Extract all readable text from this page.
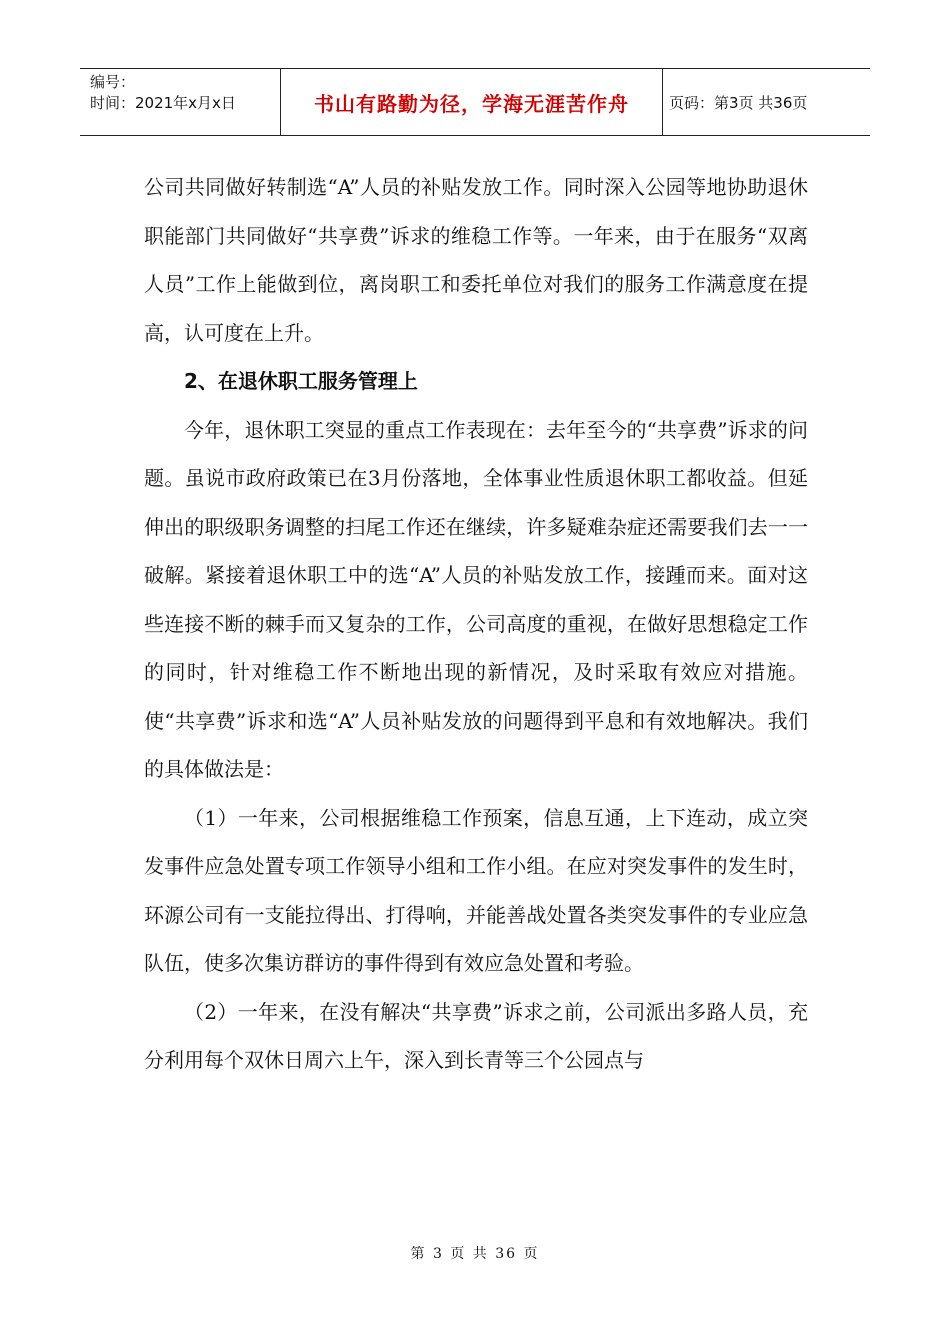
编号：
时间：2021年x月x日	书山有路勤为径，学海无涯苦作舟	页码：第3页 共36页

公司共同做好转制选“A”人员的补贴发放工作。同时深入公园等地协助退休职能部门共同做好“共享费”诉求的维稳工作等。一年来，由于在服务“双离人员”工作上能做到位，离岗职工和委托单位对我们的服务工作满意度在提高，认可度在上升。

2、在退休职工服务管理上

今年，退休职工突显的重点工作表现在：去年至今的“共享费”诉求的问题。虽说市政府政策已在3月份落地，全体事业性质退休职工都收益。但延伸出的职级职务调整的扫尾工作还在继续，许多疑难杂症还需要我们去一一破解。紧接着退休职工中的选“A”人员的补贴发放工作，接踵而来。面对这些连接不断的棘手而又复杂的工作，公司高度的重视，在做好思想稳定工作的同时，针对维稳工作不断地出现的新情况，及时采取有效应对措施。使“共享费”诉求和选“A”人员补贴发放的问题得到平息和有效地解决。我们的具体做法是：

（1）一年来，公司根据维稳工作预案，信息互通，上下连动，成立突发事件应急处置专项工作领导小组和工作小组。在应对突发事件的发生时，环源公司有一支能拉得出、打得响，并能善战处置各类突发事件的专业应急队伍，使多次集访群访的事件得到有效应急处置和考验。

（2）一年来，在没有解决“共享费”诉求之前，公司派出多路人员，充分利用每个双休日周六上午，深入到长青等三个公园点与

第 3 页 共 36 页
